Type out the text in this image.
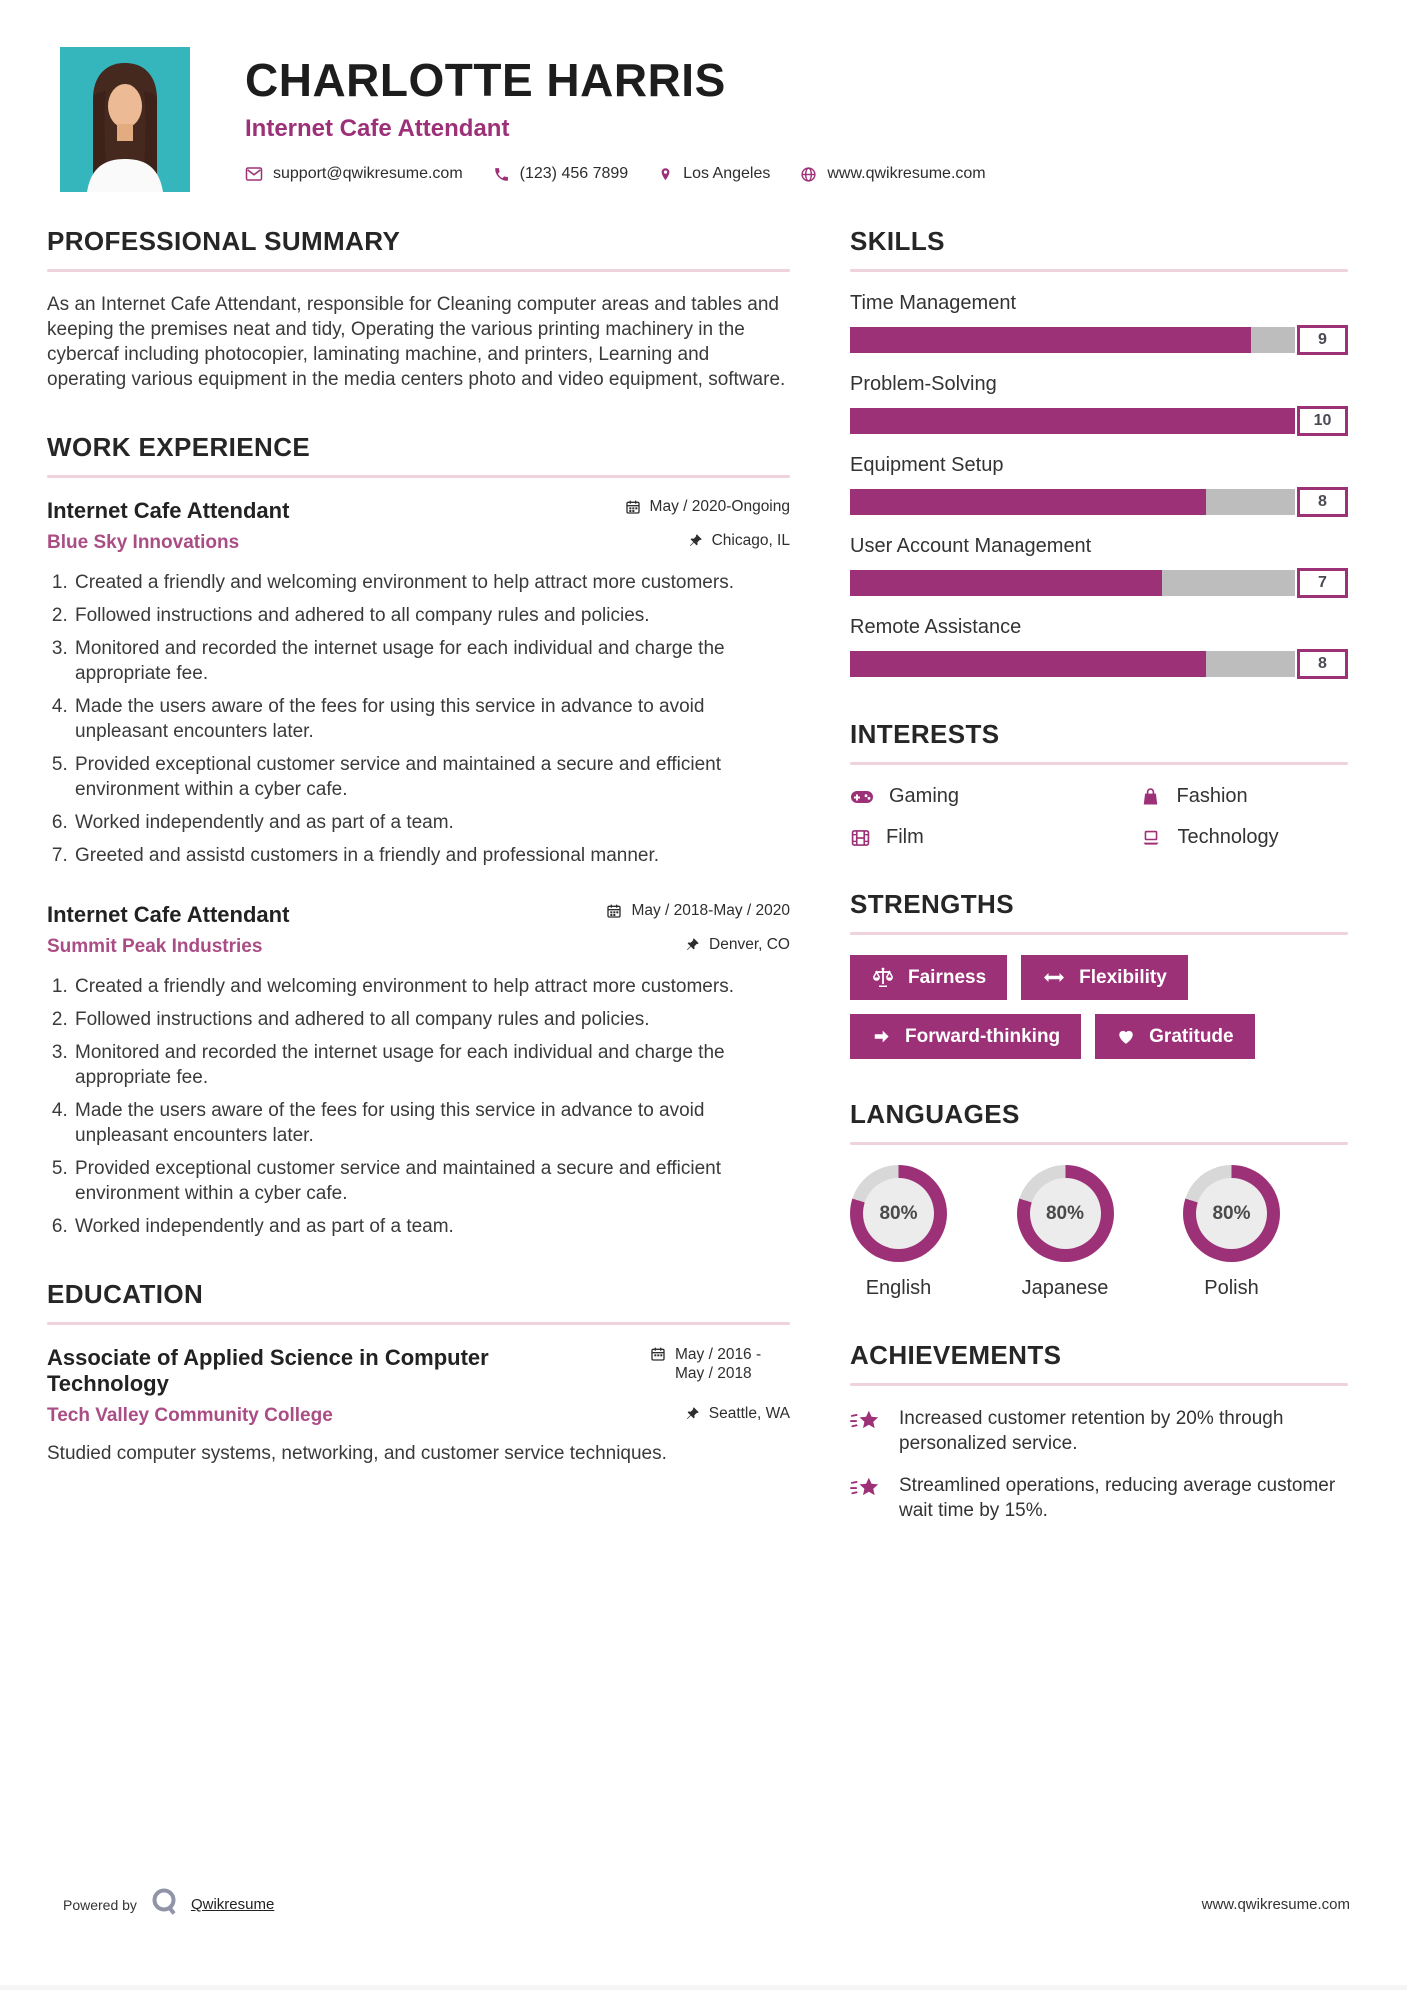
CHARLOTTE HARRIS
Internet Cafe Attendant
support@qwikresume.com	(123) 456 7899	Los Angeles	www.qwikresume.com
PROFESSIONAL SUMMARY

As an Internet Cafe Attendant, responsible for Cleaning computer areas and tables and keeping the premises neat and tidy, Operating the various printing machinery in the cybercaf including photocopier, laminating machine, and printers, Learning and operating various equipment in the media centers photo and video equipment, software.

WORK EXPERIENCE
Internet Cafe Attendant	May / 2020-Ongoing
Blue Sky Innovations	Chicago, IL
1. Created a friendly and welcoming environment to help attract more customers.
2. Followed instructions and adhered to all company rules and policies.
3. Monitored and recorded the internet usage for each individual and charge the appropriate fee.
4. Made the users aware of the fees for using this service in advance to avoid unpleasant encounters later.
5. Provided exceptional customer service and maintained a secure and efficient environment within a cyber cafe.
6. Worked independently and as part of a team.
7. Greeted and assistd customers in a friendly and professional manner.
Internet Cafe Attendant	May / 2018-May / 2020
Summit Peak Industries	Denver, CO
1. Created a friendly and welcoming environment to help attract more customers.
2. Followed instructions and adhered to all company rules and policies.
3. Monitored and recorded the internet usage for each individual and charge the appropriate fee.
4. Made the users aware of the fees for using this service in advance to avoid unpleasant encounters later.
5. Provided exceptional customer service and maintained a secure and efficient environment within a cyber cafe.
6. Worked independently and as part of a team.
EDUCATION
Associate of Applied Science in Computer Technology
May / 2016 - May / 2018
Tech Valley Community College	Seattle, WA

Studied computer systems, networking, and customer service techniques.

SKILLS
Time Management
9
Problem-Solving
10
Equipment Setup
8
User Account Management
7
Remote Assistance
8
INTERESTS
Gaming	Fashion
Film	Technology
STRENGTHS
Fairness	Flexibility
Forward-thinking	Gratitude
LANGUAGES
80%
English
80%
Japanese
80%
Polish
ACHIEVEMENTS
Increased customer retention by 20% through personalized service.
Streamlined operations, reducing average customer wait time by 15%.
Powered by	Qwikresume	www.qwikresume.com
